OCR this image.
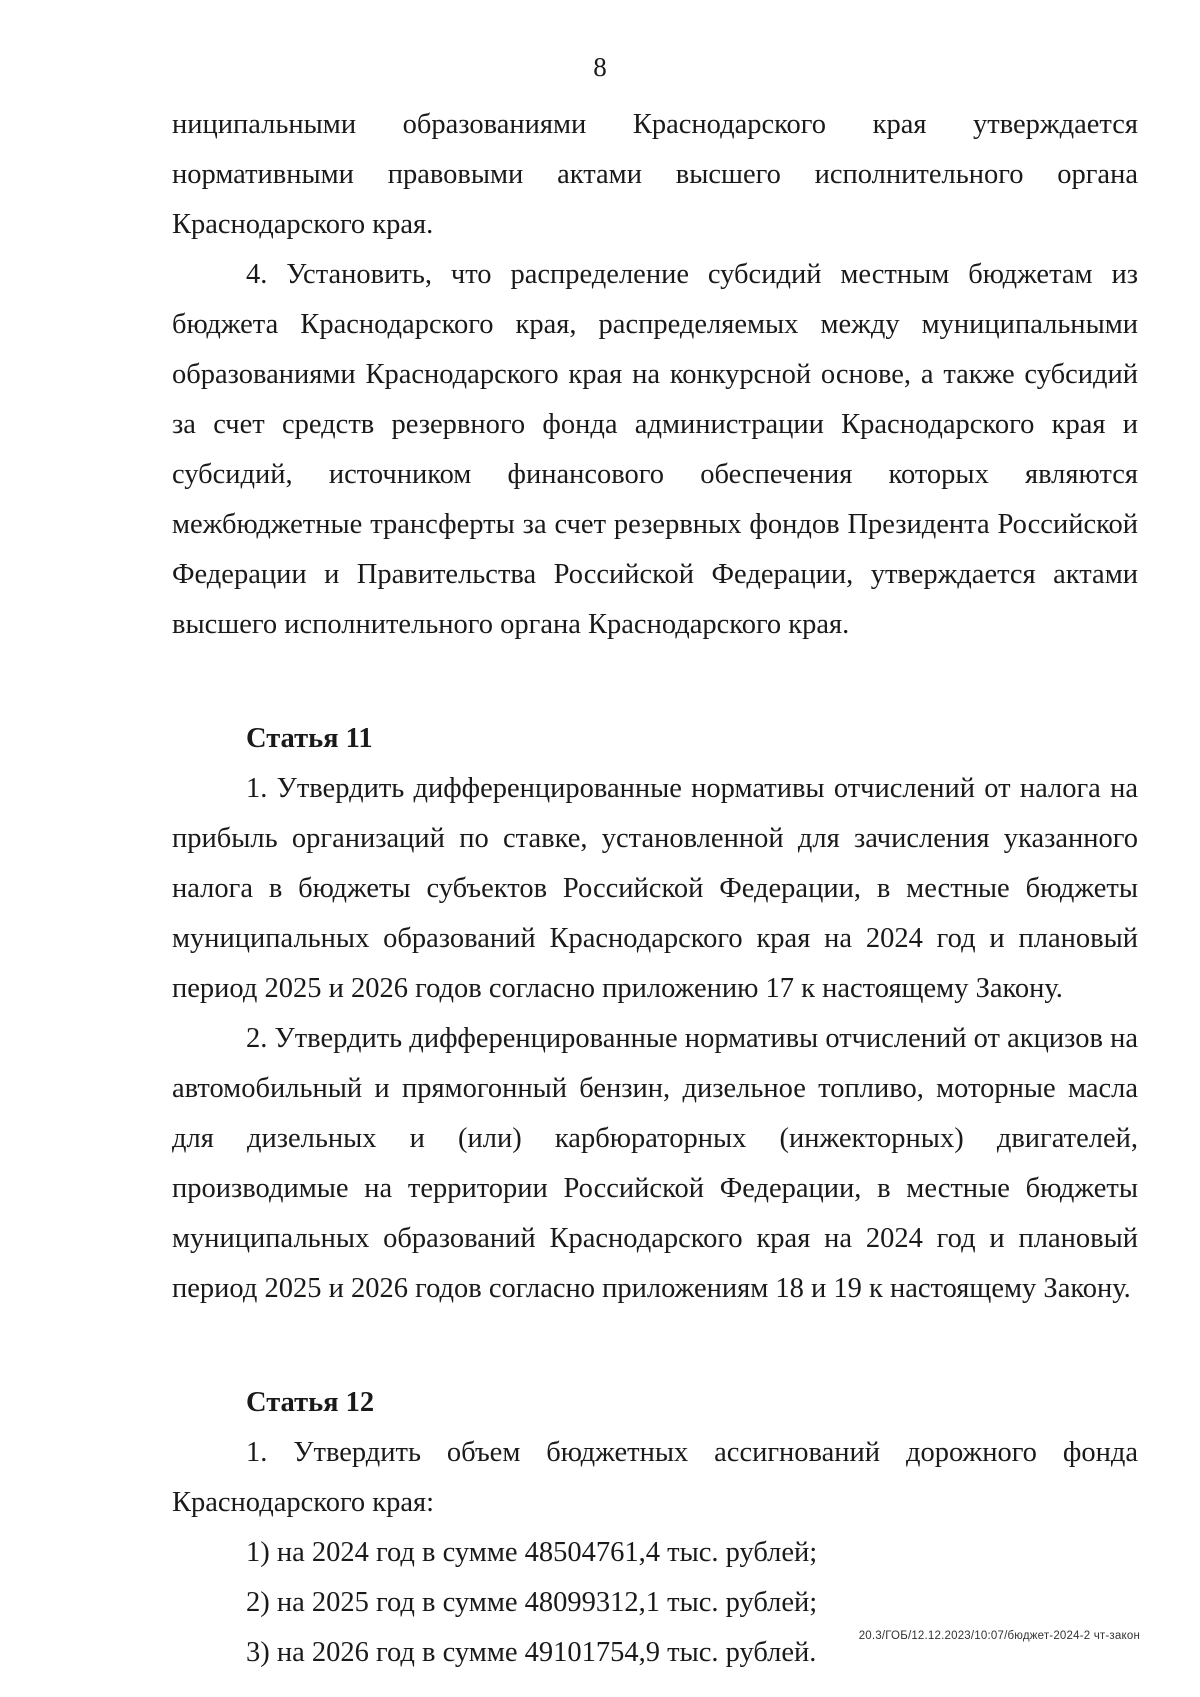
8

ниципальными образованиями Краснодарского края утверждается нормативными правовыми актами высшего исполнительного органа Краснодарского края.

4. Установить, что распределение субсидий местным бюджетам из бюджета Краснодарского края, распределяемых между муниципальными образованиями Краснодарского края на конкурсной основе, а также субсидий за счет средств резервного фонда администрации Краснодарского края и субсидий, источником финансового обеспечения которых являются межбюджетные трансферты за счет резервных фондов Президента Российской Федерации и Правительства Российской Федерации, утверждается актами высшего исполнительного органа Краснодарского края.

Статья 11

1. Утвердить дифференцированные нормативы отчислений от налога на прибыль организаций по ставке, установленной для зачисления указанного налога в бюджеты субъектов Российской Федерации, в местные бюджеты муниципальных образований Краснодарского края на 2024 год и плановый период 2025 и 2026 годов согласно приложению 17 к настоящему Закону.

2. Утвердить дифференцированные нормативы отчислений от акцизов на автомобильный и прямогонный бензин, дизельное топливо, моторные масла для дизельных и (или) карбюраторных (инжекторных) двигателей, производимые на территории Российской Федерации, в местные бюджеты муниципальных образований Краснодарского края на 2024 год и плановый период 2025 и 2026 годов согласно приложениям 18 и 19 к настоящему Закону.

Статья 12

1. Утвердить объем бюджетных ассигнований дорожного фонда Краснодарского края:

1) на 2024 год в сумме 48504761,4 тыс. рублей;

2) на 2025 год в сумме 48099312,1 тыс. рублей;

3) на 2026 год в сумме 49101754,9 тыс. рублей.

20.3/ГОБ/12.12.2023/10:07/бюджет-2024-2 чт-закон
